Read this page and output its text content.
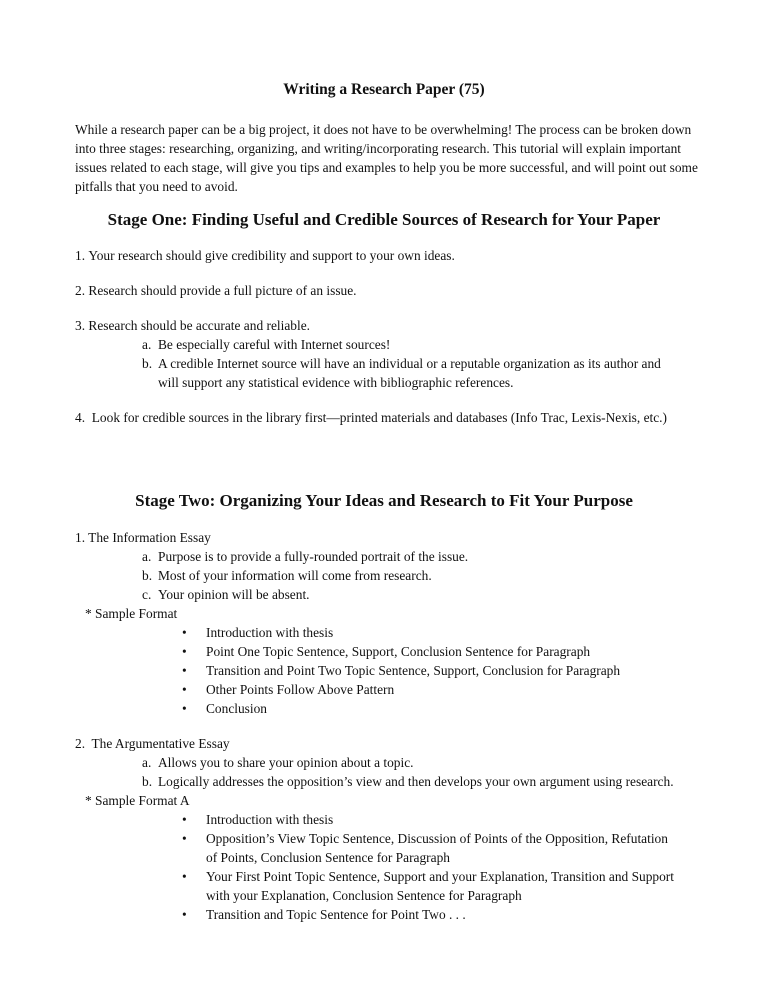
Writing a Research Paper (75)
While a research paper can be a big project, it does not have to be overwhelming! The process can be broken down into three stages: researching, organizing, and writing/incorporating research. This tutorial will explain important issues related to each stage, will give you tips and examples to help you be more successful, and will point out some pitfalls that you need to avoid.
Stage One: Finding Useful and Credible Sources of Research for Your Paper
1.
Your research should give credibility and support to your own ideas.
2.
Research should provide a full picture of an issue.
3.
Research should be accurate and reliable.
a. Be especially careful with Internet sources!
b. A credible Internet source will have an individual or a reputable organization as its author and will support any statistical evidence with bibliographic references.
4. Look for credible sources in the library first—printed materials and databases (Info Trac, Lexis-Nexis, etc.)
Stage Two: Organizing Your Ideas and Research to Fit Your Purpose
1. The Information Essay
a. Purpose is to provide a fully-rounded portrait of the issue.
b. Most of your information will come from research.
c. Your opinion will be absent.
* Sample Format
•	Introduction with thesis
•	Point One Topic Sentence, Support, Conclusion Sentence for Paragraph
•	Transition and Point Two Topic Sentence, Support, Conclusion for Paragraph
•	Other Points Follow Above Pattern
•	Conclusion
2.  The Argumentative Essay
a. Allows you to share your opinion about a topic.
b. Logically addresses the opposition’s view and then develops your own argument using research.
* Sample Format A
•	Introduction with thesis
•	Opposition’s View Topic Sentence, Discussion of Points of the Opposition, Refutation of Points, Conclusion Sentence for Paragraph
•	Your First Point Topic Sentence, Support and your Explanation, Transition and Support with your Explanation, Conclusion Sentence for Paragraph
•	Transition and Topic Sentence for Point Two . . .
